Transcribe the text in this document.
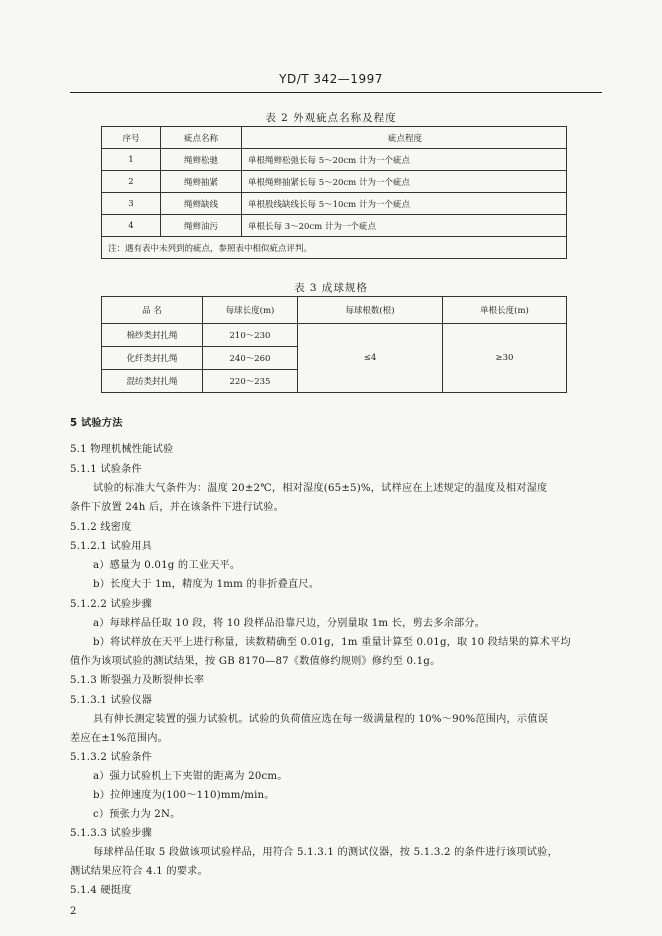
YD/T 342—1997
表 2 外观疵点名称及程度
序号	疵点名称	疵点程度
1	绳辫松驰	单根绳辫松弛长每 5～20cm 计为一个疵点
2	绳辫抽紧	单根绳辫抽紧长每 5～20cm 计为一个疵点
3	绳辫缺线	单根股线缺线长每 5～10cm 计为一个疵点
4	绳辫油污	单根长每 3～20cm 计为一个疵点
注：遇有表中未列到的疵点，参照表中相似疵点评判。		
表 3 成球规格
品 名	每球长度(m)	每球根数(根)	单根长度(m)
棉纱类封扎绳	210～230	≤4	≥30
化纤类封扎绳	240～260		
混纺类封扎绳	220～235		
5 试验方法
5.1 物理机械性能试验
5.1.1 试验条件
试验的标准大气条件为：温度 20±2℃，相对湿度(65±5)%，试样应在上述规定的温度及相对湿度
条件下放置 24h 后，并在该条件下进行试验。
5.1.2 线密度
5.1.2.1 试验用具
a）感量为 0.01g 的工业天平。
b）长度大于 1m，精度为 1mm 的非折叠直尺。
5.1.2.2 试验步骤
a）每球样品任取 10 段，将 10 段样品沿靠尺边，分别量取 1m 长，剪去多余部分。
b）将试样放在天平上进行称量，读数精确至 0.01g，1m 重量计算至 0.01g，取 10 段结果的算术平均
值作为该项试验的测试结果，按 GB 8170—87《数值修约规则》修约至 0.1g。
5.1.3 断裂强力及断裂伸长率
5.1.3.1 试验仪器
具有伸长测定装置的强力试验机。试验的负荷值应选在每一级满量程的 10%～90%范围内，示值误
差应在±1%范围内。
5.1.3.2 试验条件
a）强力试验机上下夹钳的距离为 20cm。
b）拉伸速度为(100～110)mm/min。
c）预张力为 2N。
5.1.3.3 试验步骤
每球样品任取 5 段做该项试验样品，用符合 5.1.3.1 的测试仪器，按 5.1.3.2 的条件进行该项试验，
测试结果应符合 4.1 的要求。
5.1.4 硬挺度
2
